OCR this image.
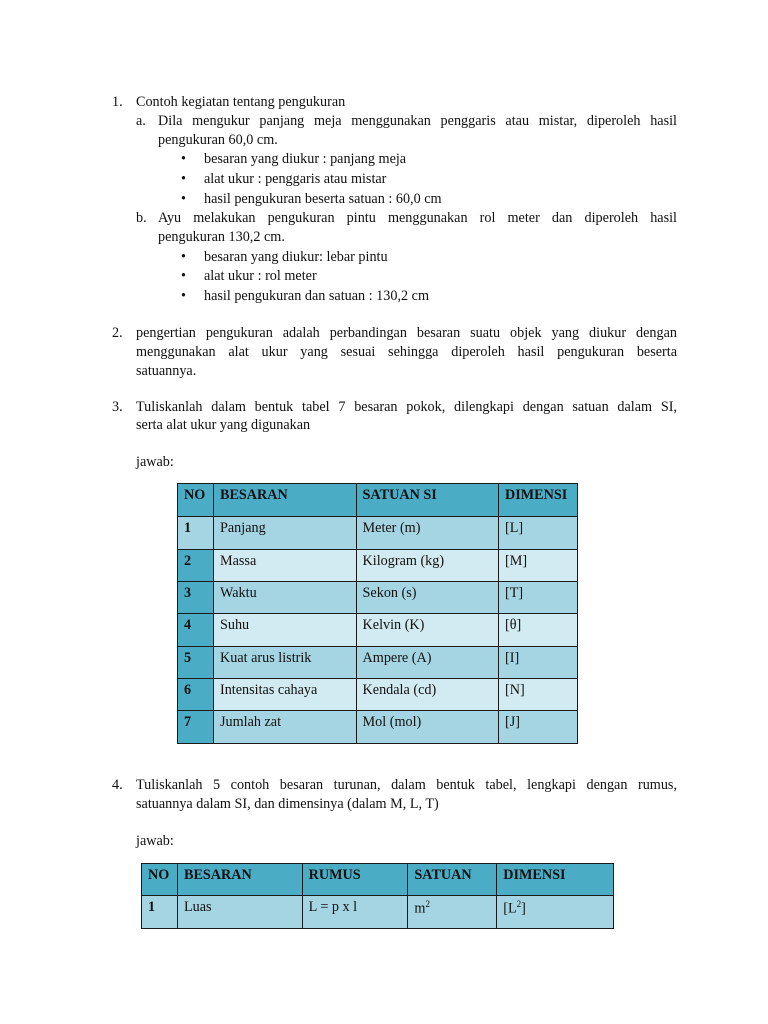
1. Contoh kegiatan tentang pengukuran
a. Dila mengukur panjang meja menggunakan penggaris atau mistar, diperoleh hasil
pengukuran 60,0 cm.
• besaran yang diukur : panjang meja
• alat ukur : penggaris atau mistar
• hasil pengukuran beserta satuan : 60,0 cm
b. Ayu melakukan pengukuran pintu menggunakan rol meter dan diperoleh hasil
pengukuran 130,2 cm.
• besaran yang diukur: lebar pintu
• alat ukur : rol meter
• hasil pengukuran dan satuan : 130,2 cm
2. pengertian pengukuran adalah perbandingan besaran suatu objek yang diukur dengan
menggunakan alat ukur yang sesuai sehingga diperoleh hasil pengukuran beserta
satuannya.
3. Tuliskanlah dalam bentuk tabel 7 besaran pokok, dilengkapi dengan satuan dalam SI,
serta alat ukur yang digunakan
jawab:
NO	BESARAN	SATUAN SI	DIMENSI
1	Panjang	Meter (m)	[L]
2	Massa	Kilogram (kg)	[M]
3	Waktu	Sekon (s)	[T]
4	Suhu	Kelvin (K)	[θ]
5	Kuat arus listrik	Ampere (A)	[I]
6	Intensitas cahaya	Kendala (cd)	[N]
7	Jumlah zat	Mol (mol)	[J]
4. Tuliskanlah 5 contoh besaran turunan, dalam bentuk tabel, lengkapi dengan rumus,
satuannya dalam SI, dan dimensinya (dalam M, L, T)
jawab:
NO	BESARAN	RUMUS	SATUAN	DIMENSI
1	Luas	L = p x l	$m^2$	$[L^2]$
